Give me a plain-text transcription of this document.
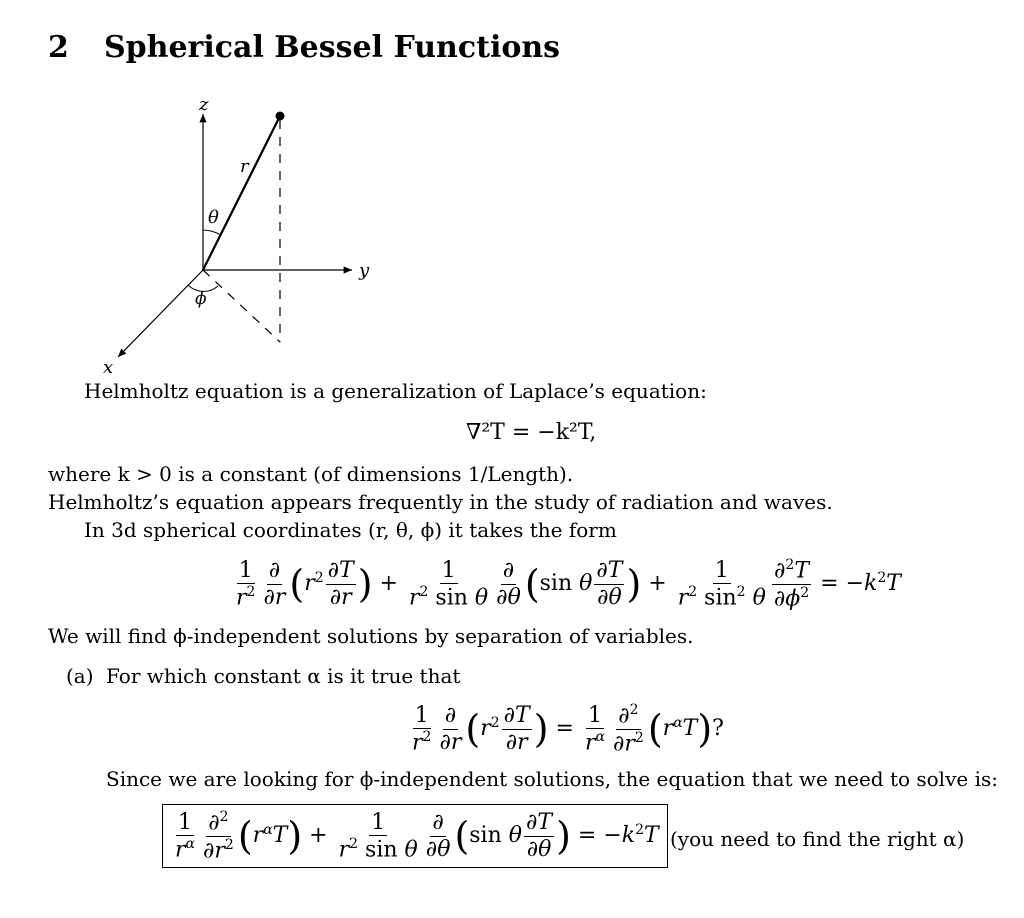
2 Spherical Bessel Functions
z
y
x
r
θ
ϕ
Helmholtz equation is a generalization of Laplace’s equation:
∇²T = −k²T,
where k > 0 is a constant (of dimensions 1/Length).
Helmholtz’s equation appears frequently in the study of radiation and waves.
In 3d spherical coordinates (r, θ, ϕ) it takes the form
$\frac{1}{r^2} \frac{\partial}{\partial r} (r^2 \frac{\partial T}{\partial r}$ ) + $\frac{1}{r^2 \sin \theta} \frac{\partial}{\partial\theta} (\sin$ θ $\frac{\partial T}{\partial\theta}$ ) + $\frac{1}{r^2 \sin^2 \theta} \frac{\partial^2T}{\partial\phi^2} = -k^2T$
We will find ϕ-independent solutions by separation of variables.
(a) For which constant α is it true that
$\frac{1}{r^2} \frac{\partial}{\partial r} (r^2 \frac{\partial T}{\partial r}$ ) = $\frac{1}{r^\alpha} \frac{\partial^2}{\partial r^2} (r^\alpha T)$?
Since we are looking for ϕ-independent solutions, the equation that we need to solve is:
$\frac{1}{r^\alpha} \frac{\partial^2}{\partial r^2} (r^\alpha T) + \frac{1}{r^2 \sin \theta} \frac{\partial}{\partial\theta} (\sin$ θ $\frac{\partial T}{\partial\theta}$ ) = $-k^2T$ (you need to find the right α)
